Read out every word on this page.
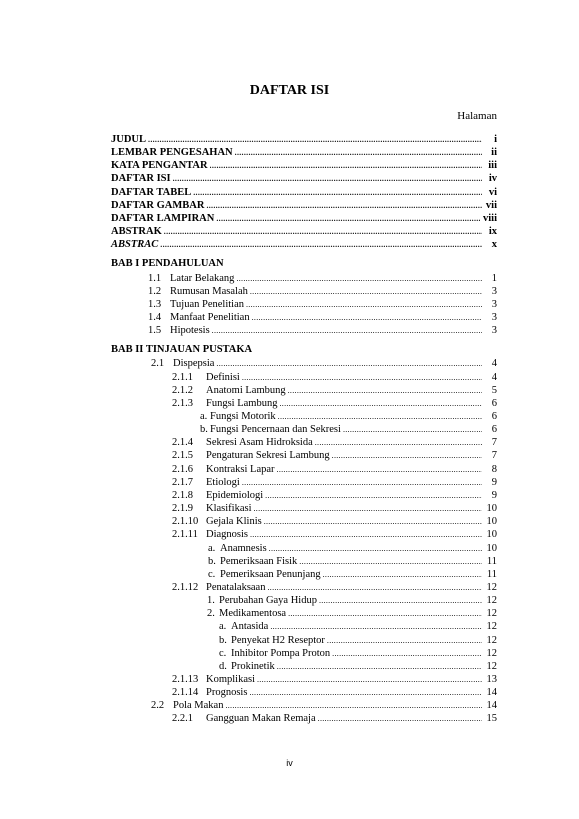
DAFTAR ISI
Halaman
JUDUL .....	i
LEMBAR PENGESAHAN .....	ii
KATA PENGANTAR .....	iii
DAFTAR ISI .....	iv
DAFTAR TABEL .....	vi
DAFTAR GAMBAR .....	vii
DAFTAR LAMPIRAN .....	viii
ABSTRAK .....	ix
ABSTRAC .....	x
BAB I PENDAHULUAN
1.1 Latar Belakang .....	1
1.2 Rumusan Masalah .....	3
1.3 Tujuan Penelitian .....	3
1.4 Manfaat Penelitian .....	3
1.5 Hipotesis .....	3
BAB II TINJAUAN PUSTAKA
2.1 Dispepsia .....	4
2.1.1 Definisi .....	4
2.1.2 Anatomi Lambung .....	5
2.1.3 Fungsi Lambung .....	6
a. Fungsi Motorik .....	6
b. Fungsi Pencernaan dan Sekresi .....	6
2.1.4 Sekresi Asam Hidroksida .....	7
2.1.5 Pengaturan Sekresi Lambung .....	7
2.1.6 Kontraksi Lapar .....	8
2.1.7 Etiologi .....	9
2.1.8 Epidemiologi .....	9
2.1.9 Klasifikasi .....	10
2.1.10 Gejala Klinis .....	10
2.1.11 Diagnosis .....	10
a. Anamnesis .....	10
b. Pemeriksaan Fisik .....	11
c. Pemeriksaan Penunjang .....	11
2.1.12 Penatalaksaan .....	12
1. Perubahan Gaya Hidup .....	12
2. Medikamentosa .....	12
a. Antasida .....	12
b. Penyekat H2 Reseptor .....	12
c. Inhibitor Pompa Proton .....	12
d. Prokinetik .....	12
2.1.13 Komplikasi .....	13
2.1.14 Prognosis .....	14
2.2 Pola Makan .....	14
2.2.1 Gangguan Makan Remaja .....	15
iv
